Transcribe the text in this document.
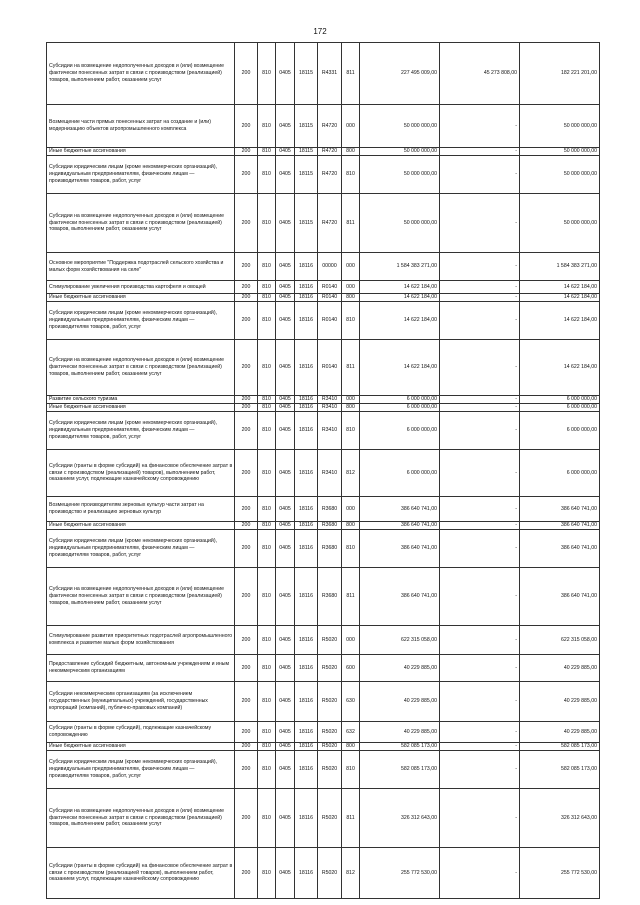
172
Субсидии на возмещение недополученных доходов и (или) возмещение фактически понесенных затрат в связи с производством (реализацией) товаров, выполнением работ, оказанием услуг	200	810	0405	18115	R4331	811	227 495 009,00	45 273 808,00	182 221 201,00
Возмещение части прямых понесенных затрат на создание и (или) модернизацию объектов агропромышленного комплекса	200	810	0405	18115	R4720	000	50 000 000,00	-	50 000 000,00
Иные бюджетные ассигнования	200	810	0405	18115	R4720	800	50 000 000,00	-	50 000 000,00
Субсидии юридическим лицам (кроме некоммерческих организаций), индивидуальным предпринимателям, физическим лицам — производителям товаров, работ, услуг	200	810	0405	18115	R4720	810	50 000 000,00	-	50 000 000,00
Субсидии на возмещение недополученных доходов и (или) возмещение фактически понесенных затрат в связи с производством (реализацией) товаров, выполнением работ, оказанием услуг	200	810	0405	18115	R4720	811	50 000 000,00	-	50 000 000,00
Основное мероприятие "Поддержка подотраслей сельского хозяйства и малых форм хозяйствования на селе"	200	810	0405	18116	00000	000	1 584 383 271,00	-	1 584 383 271,00
Стимулирование увеличения производства картофеля и овощей	200	810	0405	18116	R0140	000	14 622 184,00	-	14 622 184,00
Иные бюджетные ассигнования	200	810	0405	18116	R0140	800	14 622 184,00	-	14 622 184,00
Субсидии юридическим лицам (кроме некоммерческих организаций), индивидуальным предпринимателям, физическим лицам — производителям товаров, работ, услуг	200	810	0405	18116	R0140	810	14 622 184,00	-	14 622 184,00
Субсидии на возмещение недополученных доходов и (или) возмещение фактически понесенных затрат в связи с производством (реализацией) товаров, выполнением работ, оказанием услуг	200	810	0405	18116	R0140	811	14 622 184,00	-	14 622 184,00
Развитие сельского туризма	200	810	0405	18116	R3410	000	6 000 000,00	-	6 000 000,00
Иные бюджетные ассигнования	200	810	0405	18116	R3410	800	6 000 000,00	-	6 000 000,00
Субсидии юридическим лицам (кроме некоммерческих организаций), индивидуальным предпринимателям, физическим лицам — производителям товаров, работ, услуг	200	810	0405	18116	R3410	810	6 000 000,00	-	6 000 000,00
Субсидии (гранты в форме субсидий) на финансовое обеспечение затрат в связи с производством (реализацией) товаров), выполнением работ, оказанием услуг, подлежащие казначейскому сопровождению	200	810	0405	18116	R3410	812	6 000 000,00	-	6 000 000,00
Возмещение производителям зерновых культур части затрат на производство и реализацию зерновых культур	200	810	0405	18116	R3680	000	386 640 741,00	-	386 640 741,00
Иные бюджетные ассигнования	200	810	0405	18116	R3680	800	386 640 741,00	-	386 640 741,00
Субсидии юридическим лицам (кроме некоммерческих организаций), индивидуальным предпринимателям, физическим лицам — производителям товаров, работ, услуг	200	810	0405	18116	R3680	810	386 640 741,00	-	386 640 741,00
Субсидии на возмещение недополученных доходов и (или) возмещение фактически понесенных затрат в связи с производством (реализацией) товаров, выполнением работ, оказанием услуг	200	810	0405	18116	R3680	811	386 640 741,00	-	386 640 741,00
Стимулирование развития приоритетных подотраслей агропромышленного комплекса и развитие малых форм хозяйствования	200	810	0405	18116	R5020	000	622 315 058,00	-	622 315 058,00
Предоставление субсидий бюджетным, автономным учреждениям и иным некоммерческим организациям	200	810	0405	18116	R5020	600	40 229 885,00	-	40 229 885,00
Субсидии некоммерческим организациям (за исключением государственных (муниципальных) учреждений, государственных корпораций (компаний), публично-правовых компаний)	200	810	0405	18116	R5020	630	40 229 885,00	-	40 229 885,00
Субсидии (гранты в форме субсидий), подлежащие казначейскому сопровождению	200	810	0405	18116	R5020	632	40 229 885,00	-	40 229 885,00
Иные бюджетные ассигнования	200	810	0405	18116	R5020	800	582 085 173,00	-	582 085 173,00
Субсидии юридическим лицам (кроме некоммерческих организаций), индивидуальным предпринимателям, физическим лицам — производителям товаров, работ, услуг	200	810	0405	18116	R5020	810	582 085 173,00	-	582 085 173,00
Субсидии на возмещение недополученных доходов и (или) возмещение фактически понесенных затрат в связи с производством (реализацией) товаров, выполнением работ, оказанием услуг	200	810	0405	18116	R5020	811	326 312 643,00	-	326 312 643,00
Субсидии (гранты в форме субсидий) на финансовое обеспечение затрат в связи с производством (реализацией товаров), выполнением работ, оказанием услуг, подлежащие казначейскому сопровождению	200	810	0405	18116	R5020	812	255 772 530,00	-	255 772 530,00
